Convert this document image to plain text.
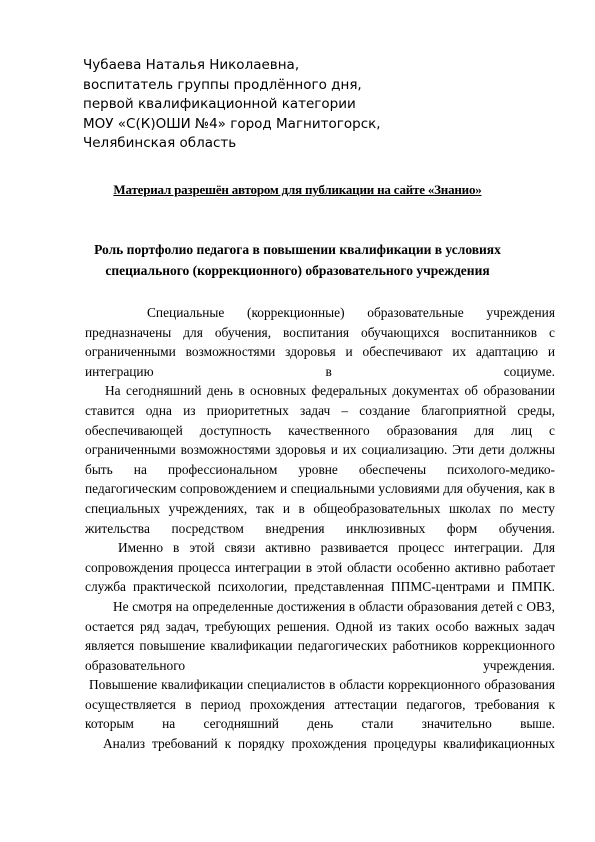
Чубаева Наталья Николаевна,
воспитатель группы продлённого дня,
первой квалификационной категории
МОУ «С(К)ОШИ №4» город Магнитогорск,
Челябинская область
Материал разрешён автором для публикации на сайте «Знанио»
Роль портфолио педагога в повышении квалификации в условиях
специального (коррекционного) образовательного учреждения

Специальные (коррекционные) образовательные учреждения предназначены для обучения, воспитания обучающихся воспитанников с ограниченными возможностями здоровья и обеспечивают их адаптацию и интеграцию в социуме.

На сегодняшний день в основных федеральных документах об образовании ставится одна из приоритетных задач – создание благоприятной среды, обеспечивающей доступность качественного образования для лиц с ограниченными возможностями здоровья и их социализацию. Эти дети должны быть на профессиональном уровне обеспечены психолого-медико-педагогическим сопровождением и специальными условиями для обучения, как в специальных учреждениях, так и в общеобразовательных школах по месту жительства посредством внедрения инклюзивных форм обучения.

Именно в этой связи активно развивается процесс интеграции. Для сопровождения процесса интеграции в этой области особенно активно работает служба практической психологии, представленная ППМС-центрами и ПМПК.

Не смотря на определенные достижения в области образования детей с ОВЗ, остается ряд задач, требующих решения. Одной из таких особо важных задач является повышение квалификации педагогических работников коррекционного образовательного учреждения.

Повышение квалификации специалистов в области коррекционного образования осуществляется в период прохождения аттестации педагогов, требования к которым на сегодняшний день стали значительно выше.

Анализ требований к порядку прохождения процедуры квалификационных
